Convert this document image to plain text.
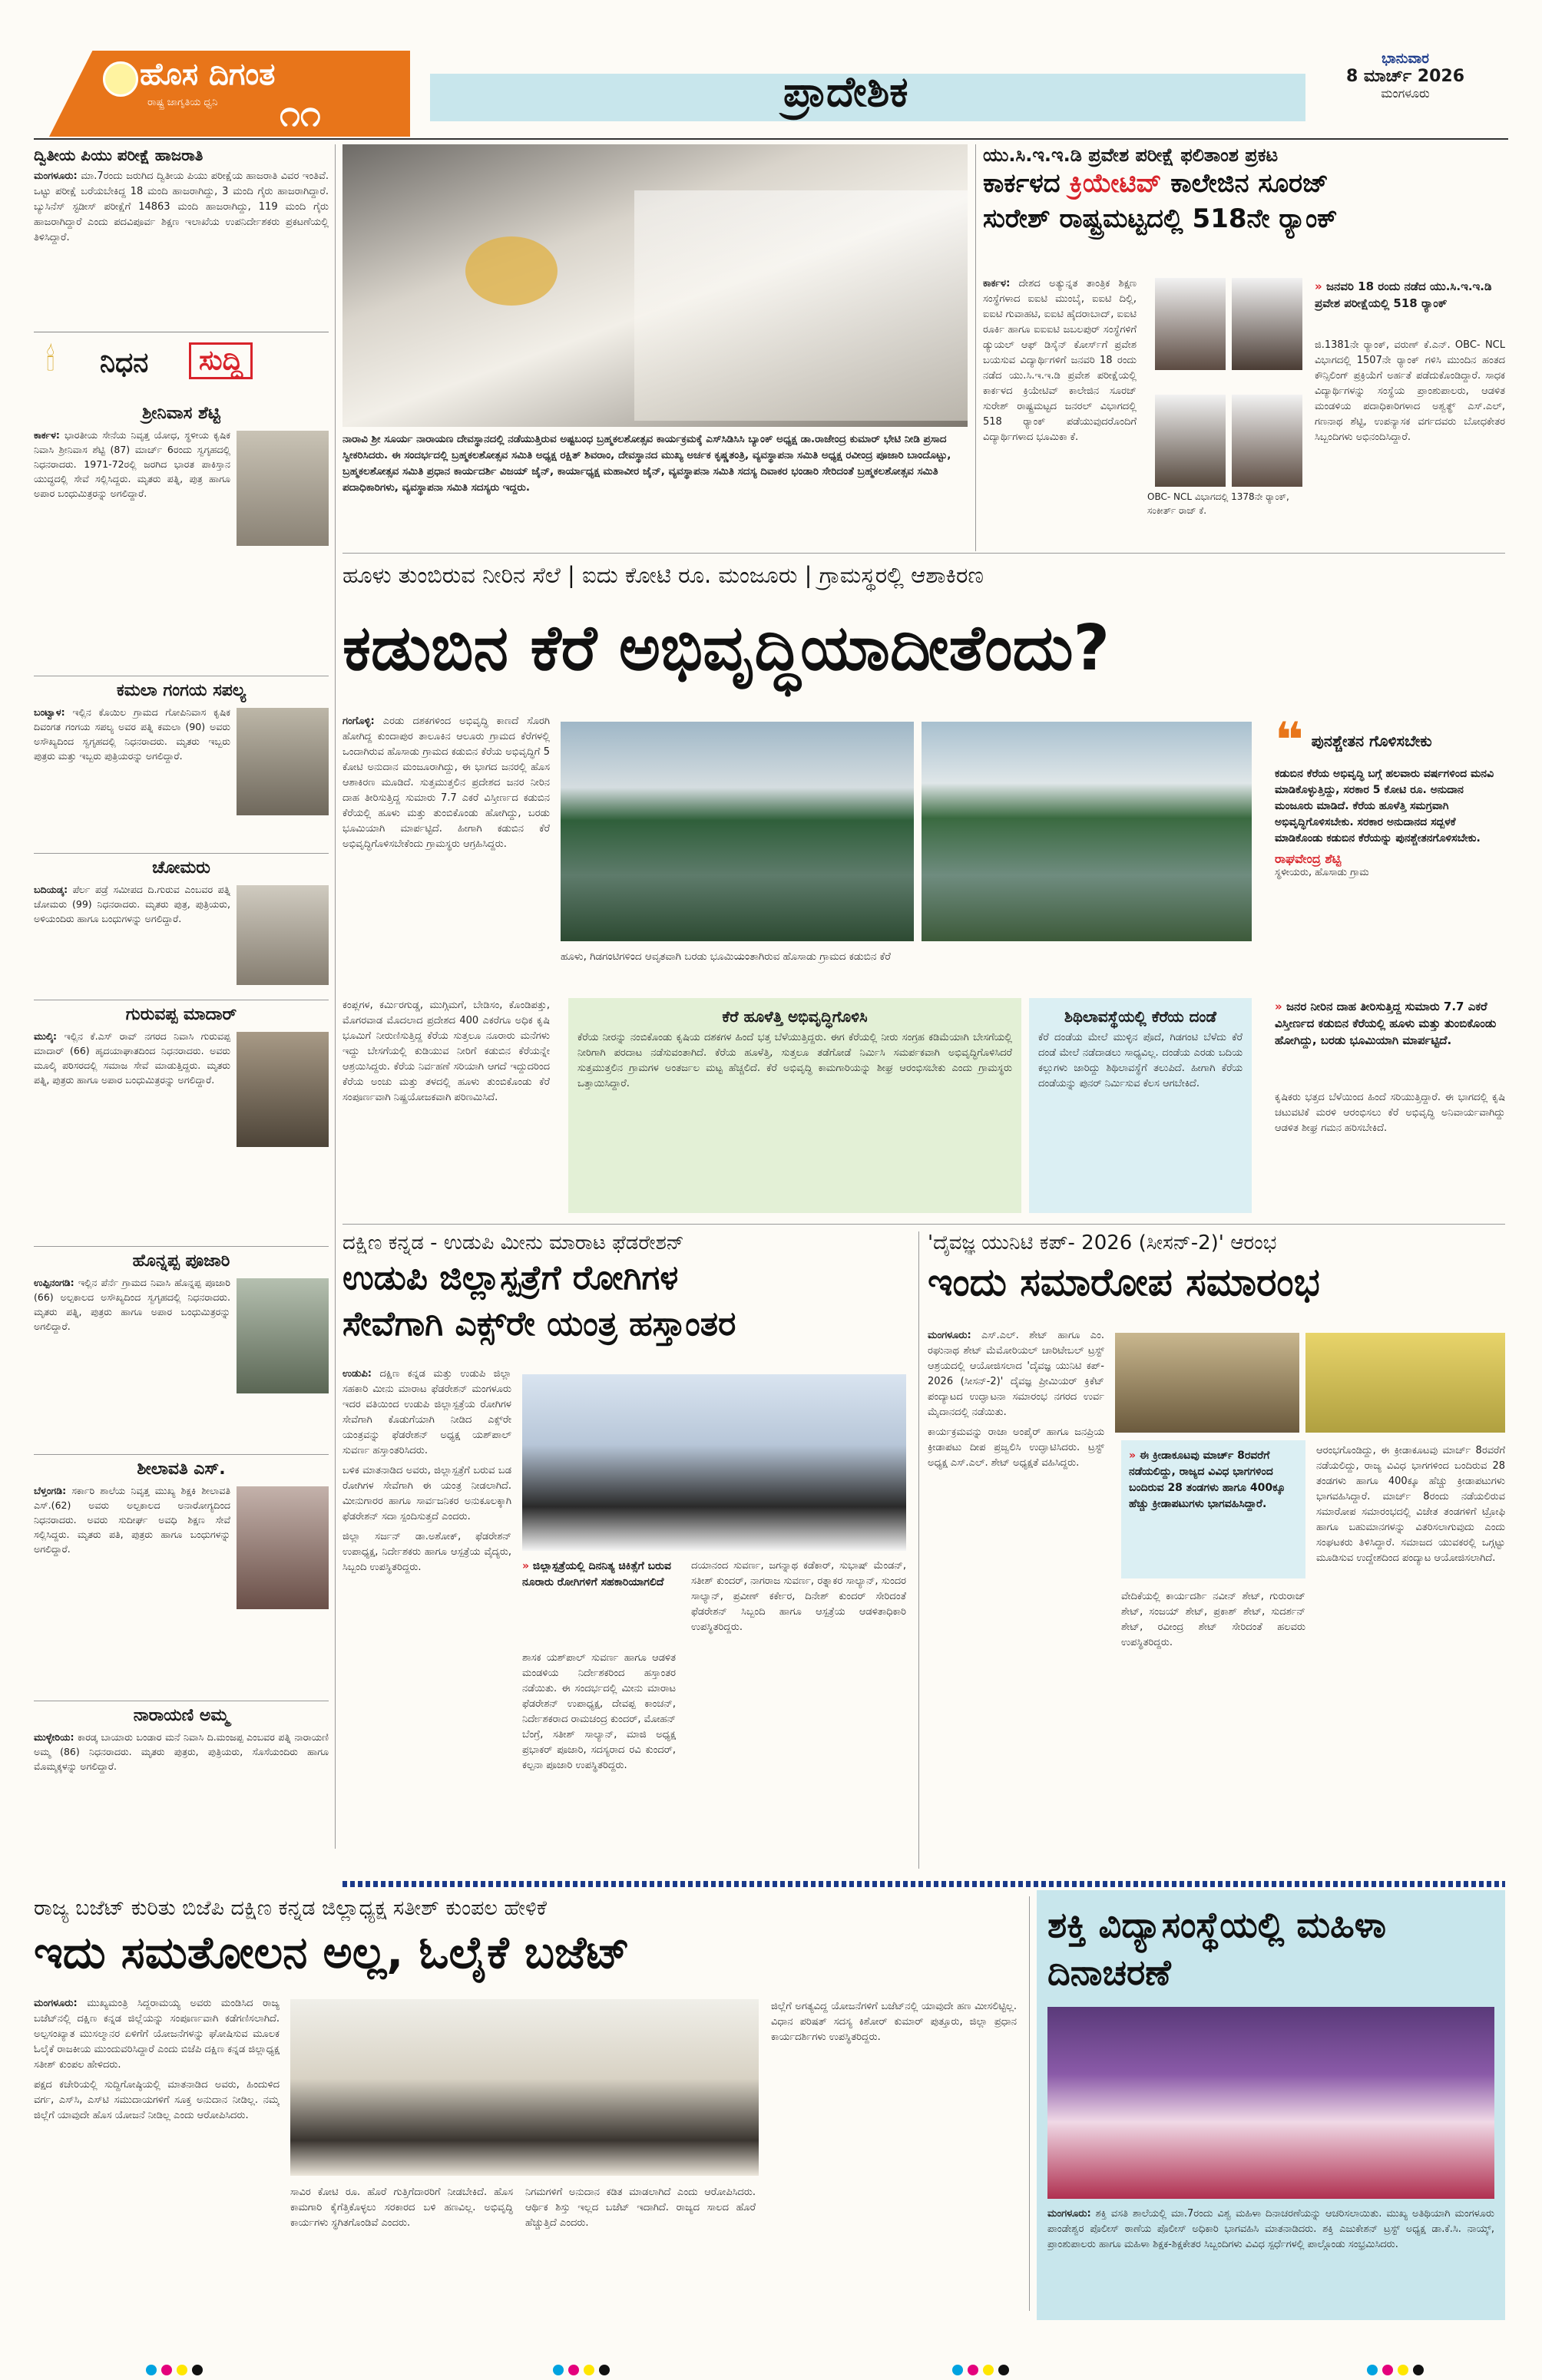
ಹೊಸ ದಿಗಂತ
ರಾಷ್ಟ್ರ ಜಾಗೃತಿಯ ಧ್ವನಿ ೧೧	ಪ್ರಾದೇಶಿಕ
ಭಾನುವಾರ
8 ಮಾರ್ಚ್ 2026
ಮಂಗಳೂರು
ದ್ವಿತೀಯ ಪಿಯು ಪರೀಕ್ಷೆ ಹಾಜರಾತಿ
ಮಂಗಳೂರು: ಮಾ.7ರಂದು ಜರುಗಿದ ದ್ವಿತೀಯ ಪಿಯು ಪರೀಕ್ಷೆಯ ಹಾಜರಾತಿ ವಿವರ ಇಂತಿವೆ. ಒಟ್ಟು ಪರೀಕ್ಷೆ ಬರೆಯಬೇಕಿದ್ದ 18 ಮಂದಿ ಹಾಜರಾಗಿದ್ದು, 3 ಮಂದಿ ಗೈರು ಹಾಜರಾಗಿದ್ದಾರೆ. ಬ್ಯುಸಿನೆಸ್ ಸ್ಟಡೀಸ್ ಪರೀಕ್ಷೆಗೆ 14863 ಮಂದಿ ಹಾಜರಾಗಿದ್ದು, 119 ಮಂದಿ ಗೈರು ಹಾಜರಾಗಿದ್ದಾರೆ ಎಂದು ಪದವಿಪೂರ್ವ ಶಿಕ್ಷಣ ಇಲಾಖೆಯ ಉಪನಿರ್ದೇಶಕರು ಪ್ರಕಟಣೆಯಲ್ಲಿ ತಿಳಿಸಿದ್ದಾರೆ.
🕯 ನಿಧನ	ಸುದ್ದಿ
ಶ್ರೀನಿವಾಸ ಶೆಟ್ಟಿ
ಕಾರ್ಕಳ: ಭಾರತೀಯ ಸೇನೆಯ ನಿವೃತ್ತ ಯೋಧ, ಸ್ಥಳೀಯ ಕೃಷಿಕ ನಿವಾಸಿ ಶ್ರೀನಿವಾಸ ಶೆಟ್ಟಿ (87) ಮಾರ್ಚ್ 6ರಂದು ಸ್ವಗೃಹದಲ್ಲಿ ನಿಧನರಾದರು. 1971-72ರಲ್ಲಿ ಜರಗಿದ ಭಾರತ ಪಾಕಿಸ್ತಾನ ಯುದ್ಧದಲ್ಲಿ ಸೇವೆ ಸಲ್ಲಿಸಿದ್ದರು. ಮೃತರು ಪತ್ನಿ, ಪುತ್ರ ಹಾಗೂ ಅಪಾರ ಬಂಧುಮಿತ್ರರನ್ನು ಅಗಲಿದ್ದಾರೆ.
ಕಮಲಾ ಗಂಗಯ ಸಪಲ್ಯ
ಬಂಟ್ವಾಳ: ಇಲ್ಲಿನ ಕೊಯಿಲ ಗ್ರಾಮದ ಗೋಪಿನಿವಾಸ ಕೃಷಿಕ ದಿವಂಗತ ಗಂಗಯ ಸಪಲ್ಯ ಅವರ ಪತ್ನಿ ಕಮಲಾ (90) ಅವರು ಅಸೌಖ್ಯದಿಂದ ಸ್ವಗೃಹದಲ್ಲಿ ನಿಧನರಾದರು. ಮೃತರು ಇಬ್ಬರು ಪುತ್ರರು ಮತ್ತು ಇಬ್ಬರು ಪುತ್ರಿಯರನ್ನು ಅಗಲಿದ್ದಾರೆ.
ಚೋಮರು
ಬದಿಯಡ್ಕ: ಪೆರ್ಲ ಪಡ್ರೆ ಸಮೀಪದ ದಿ.ಗುರುವ ಎಂಬವರ ಪತ್ನಿ ಚೋಮರು (99) ನಿಧನರಾದರು. ಮೃತರು ಪುತ್ರ, ಪುತ್ರಿಯರು, ಅಳಿಯಂದಿರು ಹಾಗೂ ಬಂಧುಗಳನ್ನು ಅಗಲಿದ್ದಾರೆ.
ಗುರುವಪ್ಪ ಮಾದಾರ್
ಮುಲ್ಕಿ: ಇಲ್ಲಿನ ಕೆ.ಎಸ್ ರಾವ್ ನಗರದ ನಿವಾಸಿ ಗುರುವಪ್ಪ ಮಾದಾರ್ (66) ಹೃದಯಾಘಾತದಿಂದ ನಿಧನರಾದರು. ಅವರು ಮೂಲ್ಕಿ ಪರಿಸರದಲ್ಲಿ ಸಮಾಜ ಸೇವೆ ಮಾಡುತ್ತಿದ್ದರು. ಮೃತರು ಪತ್ನಿ, ಪುತ್ರರು ಹಾಗೂ ಅಪಾರ ಬಂಧುಮಿತ್ರರನ್ನು ಅಗಲಿದ್ದಾರೆ.
ಹೊನ್ನಪ್ಪ ಪೂಜಾರಿ
ಉಪ್ಪಿನಂಗಡಿ: ಇಲ್ಲಿನ ಪೆರ್ನೆ ಗ್ರಾಮದ ನಿವಾಸಿ ಹೊನ್ನಪ್ಪ ಪೂಜಾರಿ (66) ಅಲ್ಪಕಾಲದ ಅಸೌಖ್ಯದಿಂದ ಸ್ವಗೃಹದಲ್ಲಿ ನಿಧನರಾದರು. ಮೃತರು ಪತ್ನಿ, ಪುತ್ರರು ಹಾಗೂ ಅಪಾರ ಬಂಧುಮಿತ್ರರನ್ನು ಅಗಲಿದ್ದಾರೆ.
ಶೀಲಾವತಿ ಎಸ್.
ಬೆಳ್ತಂಗಡಿ: ಸರ್ಕಾರಿ ಶಾಲೆಯ ನಿವೃತ್ತ ಮುಖ್ಯ ಶಿಕ್ಷಕಿ ಶೀಲಾವತಿ ಎಸ್.(62) ಅವರು ಅಲ್ಪಕಾಲದ ಅನಾರೋಗ್ಯದಿಂದ ನಿಧನರಾದರು. ಅವರು ಸುದೀರ್ಘ ಅವಧಿ ಶಿಕ್ಷಣ ಸೇವೆ ಸಲ್ಲಿಸಿದ್ದರು. ಮೃತರು ಪತಿ, ಪುತ್ರರು ಹಾಗೂ ಬಂಧುಗಳನ್ನು ಅಗಲಿದ್ದಾರೆ.
ನಾರಾಯಣಿ ಅಮ್ಮ
ಮುಳ್ಳೇರಿಯ: ಕಾರಡ್ಕ ಬಾಯಾರು ಬಂಡಾರ ಮನೆ ನಿವಾಸಿ ದಿ.ಮಂಜಪ್ಪ ಎಂಬವರ ಪತ್ನಿ ನಾರಾಯಣಿ ಅಮ್ಮ (86) ನಿಧನರಾದರು. ಮೃತರು ಪುತ್ರರು, ಪುತ್ರಿಯರು, ಸೊಸೆಯಂದಿರು ಹಾಗೂ ಮೊಮ್ಮಕ್ಕಳನ್ನು ಅಗಲಿದ್ದಾರೆ.
ನಾರಾವಿ ಶ್ರೀ ಸೂರ್ಯ ನಾರಾಯಣ ದೇವಸ್ಥಾನದಲ್ಲಿ ನಡೆಯುತ್ತಿರುವ ಅಷ್ಟಬಂಧ ಬ್ರಹ್ಮಕಲಶೋತ್ಸವ ಕಾರ್ಯಕ್ರಮಕ್ಕೆ ಎಸ್‌ಸಿಡಿಸಿಸಿ ಬ್ಯಾಂಕ್ ಅಧ್ಯಕ್ಷ ಡಾ.ರಾಜೇಂದ್ರ ಕುಮಾರ್ ಭೇಟಿ ನೀಡಿ ಪ್ರಸಾದ ಸ್ವೀಕರಿಸಿದರು. ಈ ಸಂದರ್ಭದಲ್ಲಿ ಬ್ರಹ್ಮಕಲಶೋತ್ಸವ ಸಮಿತಿ ಅಧ್ಯಕ್ಷ ರಕ್ಷಿತ್ ಶಿವರಾಂ, ದೇವಸ್ಥಾನದ ಮುಖ್ಯ ಅರ್ಚಕ ಕೃಷ್ಣತಂತ್ರಿ, ವ್ಯವಸ್ಥಾಪನಾ ಸಮಿತಿ ಅಧ್ಯಕ್ಷ ರವೀಂದ್ರ ಪೂಜಾರಿ ಬಾಂದೊಟ್ಟು, ಬ್ರಹ್ಮಕಲಶೋತ್ಸವ ಸಮಿತಿ ಪ್ರಧಾನ ಕಾರ್ಯದರ್ಶಿ ವಿಜಯ್ ಜೈನ್, ಕಾರ್ಯಾಧ್ಯಕ್ಷ ಮಹಾವೀರ ಜೈನ್, ವ್ಯವಸ್ಥಾಪನಾ ಸಮಿತಿ ಸದಸ್ಯ ದಿವಾಕರ ಭಂಡಾರಿ ಸೇರಿದಂತೆ ಬ್ರಹ್ಮಕಲಶೋತ್ಸವ ಸಮಿತಿ ಪದಾಧಿಕಾರಿಗಳು, ವ್ಯವಸ್ಥಾಪನಾ ಸಮಿತಿ ಸದಸ್ಯರು ಇದ್ದರು.
ಯು.ಸಿ.ಇ.ಇ.ಡಿ ಪ್ರವೇಶ ಪರೀಕ್ಷೆ ಫಲಿತಾಂಶ ಪ್ರಕಟ
ಕಾರ್ಕಳದ ಕ್ರಿಯೇಟಿವ್ ಕಾಲೇಜಿನ ಸೂರಜ್
ಸುರೇಶ್ ರಾಷ್ಟ್ರಮಟ್ಟದಲ್ಲಿ 518ನೇ ರ‍್ಯಾಂಕ್
ಕಾರ್ಕಳ: ದೇಶದ ಅತ್ಯುನ್ನತ ತಾಂತ್ರಿಕ ಶಿಕ್ಷಣ ಸಂಸ್ಥೆಗಳಾದ ಐಐಟಿ ಮುಂಬೈ, ಐಐಟಿ ದಿಲ್ಲಿ, ಐಐಟಿ ಗುವಾಹಟಿ, ಐಐಟಿ ಹೈದರಾಬಾದ್, ಐಐಟಿ ರೂರ್ಕಿ ಹಾಗೂ ಐಐಐಟಿ ಜಬಲಪುರ್ ಸಂಸ್ಥೆಗಳಿಗೆ ಡ್ಯುಯಲ್ ಆಫ್ ಡಿಸೈನ್ ಕೋರ್ಸ್‌ಗೆ ಪ್ರವೇಶ ಬಯಸುವ ವಿದ್ಯಾರ್ಥಿಗಳಿಗೆ ಜನವರಿ 18 ರಂದು ನಡೆದ ಯು.ಸಿ.ಇ.ಇ.ಡಿ ಪ್ರವೇಶ ಪರೀಕ್ಷೆಯಲ್ಲಿ ಕಾರ್ಕಳದ ಕ್ರಿಯೇಟಿವ್ ಕಾಲೇಜಿನ ಸೂರಜ್ ಸುರೇಶ್ ರಾಷ್ಟ್ರಮಟ್ಟದ ಜನರಲ್ ವಿಭಾಗದಲ್ಲಿ 518 ರ‍್ಯಾಂಕ್ ಪಡೆಯುವುದರೊಂದಿಗೆ ವಿದ್ಯಾರ್ಥಿಗಳಾದ ಭೂಮಿಕಾ ಕೆ.
OBC- NCL ವಿಭಾಗದಲ್ಲಿ 1378ನೇ ರ‍್ಯಾಂಕ್, ಸಂಕೀರ್ತ್ ರಾಜ್ ಕೆ.
» ಜನವರಿ 18 ರಂದು ನಡೆದ ಯು.ಸಿ.ಇ.ಇ.ಡಿ ಪ್ರವೇಶ ಪರೀಕ್ಷೆಯಲ್ಲಿ 518 ರ‍್ಯಾಂಕ್
ಜಿ.1381ನೇ ರ‍್ಯಾಂಕ್, ವರುಣ್ ಕೆ.ಎನ್. OBC- NCL ವಿಭಾಗದಲ್ಲಿ 1507ನೇ ರ‍್ಯಾಂಕ್ ಗಳಿಸಿ ಮುಂದಿನ ಹಂತದ ಕೌನ್ಸಿಲಿಂಗ್ ಪ್ರಕ್ರಿಯೆಗೆ ಅರ್ಹತೆ ಪಡೆದುಕೊಂಡಿದ್ದಾರೆ. ಸಾಧಕ ವಿದ್ಯಾರ್ಥಿಗಳನ್ನು ಸಂಸ್ಥೆಯ ಪ್ರಾಂಶುಪಾಲರು, ಆಡಳಿತ ಮಂಡಳಿಯ ಪದಾಧಿಕಾರಿಗಳಾದ ಅಶ್ವತ್ಥ್ ಎಸ್.ಎಲ್, ಗಣನಾಥ ಶೆಟ್ಟಿ, ಉಪನ್ಯಾಸಕ ವರ್ಗದವರು ಬೋಧಕೇತರ ಸಿಬ್ಬಂದಿಗಳು ಅಭಿನಂದಿಸಿದ್ದಾರೆ.
ಹೂಳು ತುಂಬಿರುವ ನೀರಿನ ಸೆಲೆ | ಐದು ಕೋಟಿ ರೂ. ಮಂಜೂರು | ಗ್ರಾಮಸ್ಥರಲ್ಲಿ ಆಶಾಕಿರಣ
ಕಡುಬಿನ ಕೆರೆ ಅಭಿವೃದ್ಧಿಯಾದೀತೆಂದು?
ಗಂಗೊಳ್ಳಿ: ಎರಡು ದಶಕಗಳಿಂದ ಅಭಿವೃದ್ಧಿ ಕಾಣದೆ ಸೊರಗಿ ಹೋಗಿದ್ದ ಕುಂದಾಪುರ ತಾಲೂಕಿನ ಆಲೂರು ಗ್ರಾಮದ ಕೆರೆಗಳಲ್ಲಿ ಒಂದಾಗಿರುವ ಹೊಸಾಡು ಗ್ರಾಮದ ಕಡುಬಿನ ಕೆರೆಯ ಅಭಿವೃದ್ಧಿಗೆ 5 ಕೋಟಿ ಅನುದಾನ ಮಂಜೂರಾಗಿದ್ದು, ಈ ಭಾಗದ ಜನರಲ್ಲಿ ಹೊಸ ಆಶಾಕಿರಣ ಮೂಡಿದೆ. ಸುತ್ತಮುತ್ತಲಿನ ಪ್ರದೇಶದ ಜನರ ನೀರಿನ ದಾಹ ತೀರಿಸುತ್ತಿದ್ದ ಸುಮಾರು 7.7 ಎಕರೆ ವಿಸ್ತೀರ್ಣದ ಕಡುಬಿನ ಕೆರೆಯಲ್ಲಿ ಹೂಳು ಮತ್ತು ತುಂಬಿಕೊಂಡು ಹೋಗಿದ್ದು, ಬರಡು ಭೂಮಿಯಾಗಿ ಮಾರ್ಪಟ್ಟಿದೆ. ಹೀಗಾಗಿ ಕಡುಬಿನ ಕೆರೆ ಅಭಿವೃದ್ಧಿಗೊಳಿಸಬೇಕೆಂದು ಗ್ರಾಮಸ್ಥರು ಆಗ್ರಹಿಸಿದ್ದರು.
ಕಂಪ್ಲಗಳ, ಕರ್ಮಿರಗುಡ್ಡ, ಮುಗ್ಗಿಮಗೆ, ಬೇಡಿಸಂ, ಕೊಂಡಿಪತ್ತು, ಮೊಗರವಾಡ ಮೊದಲಾದ ಪ್ರದೇಶದ 400 ಎಕರೆಗೂ ಅಧಿಕ ಕೃಷಿ ಭೂಮಿಗೆ ನೀರುಣಿಸುತ್ತಿದ್ದ ಕೆರೆಯ ಸುತ್ತಲೂ ನೂರಾರು ಮನೆಗಳು ಇದ್ದು ಬೇಸಗೆಯಲ್ಲಿ ಕುಡಿಯುವ ನೀರಿಗೆ ಕಡುಬಿನ ಕೆರೆಯನ್ನೇ ಆಶ್ರಯಿಸಿದ್ದರು. ಕೆರೆಯ ನಿರ್ವಹಣೆ ಸರಿಯಾಗಿ ಆಗದೆ ಇದ್ದುದರಿಂದ ಕೆರೆಯ ಅಂಚು ಮತ್ತು ತಳದಲ್ಲಿ ಹೂಳು ತುಂಬಿಕೊಂಡು ಕೆರೆ ಸಂಪೂರ್ಣವಾಗಿ ನಿಷ್ಪ್ರಯೋಜಕವಾಗಿ ಪರಿಣಮಿಸಿದೆ.
ಹೂಳು, ಗಿಡಗಂಟಿಗಳಿಂದ ಆವೃತವಾಗಿ ಬರಡು ಭೂಮಿಯಂತಾಗಿರುವ ಹೊಸಾಡು ಗ್ರಾಮದ ಕಡುಬಿನ ಕೆರೆ
❝ ಪುನಶ್ಚೇತನ ಗೊಳಿಸಬೇಕು
ಕಡುಬಿನ ಕೆರೆಯ ಅಭಿವೃದ್ಧಿ ಬಗ್ಗೆ ಹಲವಾರು ವರ್ಷಗಳಿಂದ ಮನವಿ ಮಾಡಿಕೊಳ್ಳುತ್ತಿದ್ದು, ಸರಕಾರ 5 ಕೋಟಿ ರೂ. ಅನುದಾನ ಮಂಜೂರು ಮಾಡಿದೆ. ಕೆರೆಯ ಹೂಳೆತ್ತಿ ಸಮಗ್ರವಾಗಿ ಅಭಿವೃದ್ಧಿಗೊಳಿಸಬೇಕು. ಸರಕಾರ ಅನುದಾನದ ಸದ್ಬಳಕೆ ಮಾಡಿಕೊಂಡು ಕಡುಬಿನ ಕೆರೆಯನ್ನು ಪುನಶ್ಚೇತನಗೊಳಿಸಬೇಕು.
ರಾಘವೇಂದ್ರ ಶೆಟ್ಟಿ
ಸ್ಥಳೀಯರು, ಹೊಸಾಡು ಗ್ರಾಮ
ಕೆರೆ ಹೂಳೆತ್ತಿ ಅಭಿವೃದ್ಧಿಗೊಳಿಸಿ
ಕೆರೆಯ ನೀರನ್ನು ನಂಬಿಕೊಂಡು ಕೃಷಿಯ ದಶಕಗಳ ಹಿಂದೆ ಭತ್ತ ಬೆಳೆಯುತ್ತಿದ್ದರು. ಈಗ ಕೆರೆಯಲ್ಲಿ ನೀರು ಸಂಗ್ರಹ ಕಡಿಮೆಯಾಗಿ ಬೇಸಗೆಯಲ್ಲಿ ನೀರಿಗಾಗಿ ಪರದಾಟ ನಡೆಸುವಂತಾಗಿದೆ. ಕೆರೆಯ ಹೂಳೆತ್ತಿ, ಸುತ್ತಲೂ ತಡೆಗೋಡೆ ನಿರ್ಮಿಸಿ ಸಮರ್ಪಕವಾಗಿ ಅಭಿವೃದ್ಧಿಗೊಳಿಸಿದರೆ ಸುತ್ತಮುತ್ತಲಿನ ಗ್ರಾಮಗಳ ಅಂತರ್ಜಲ ಮಟ್ಟ ಹೆಚ್ಚಲಿದೆ. ಕೆರೆ ಅಭಿವೃದ್ಧಿ ಕಾಮಗಾರಿಯನ್ನು ಶೀಘ್ರ ಆರಂಭಿಸಬೇಕು ಎಂದು ಗ್ರಾಮಸ್ಥರು ಒತ್ತಾಯಿಸಿದ್ದಾರೆ.
ಶಿಥಿಲಾವಸ್ಥೆಯಲ್ಲಿ ಕೆರೆಯ ದಂಡೆ
ಕೆರೆ ದಂಡೆಯ ಮೇಲೆ ಮುಳ್ಳಿನ ಪೊದೆ, ಗಿಡಗಂಟಿ ಬೆಳೆದು ಕೆರೆ ದಂಡೆ ಮೇಲೆ ನಡೆದಾಡಲು ಸಾಧ್ಯವಿಲ್ಲ. ದಂಡೆಯ ಎರಡು ಬದಿಯ ಕಲ್ಲುಗಳು ಜಾರಿದ್ದು ಶಿಥಿಲಾವಸ್ಥೆಗೆ ತಲುಪಿದೆ. ಹೀಗಾಗಿ ಕೆರೆಯ ದಂಡೆಯನ್ನು ಪುನರ್ ನಿರ್ಮಿಸುವ ಕೆಲಸ ಆಗಬೇಕಿದೆ.
» ಜನರ ನೀರಿನ ದಾಹ ತೀರಿಸುತ್ತಿದ್ದ ಸುಮಾರು 7.7 ಎಕರೆ ವಿಸ್ತೀರ್ಣದ ಕಡುಬಿನ ಕೆರೆಯಲ್ಲಿ ಹೂಳು ಮತ್ತು ತುಂಬಿಕೊಂಡು ಹೋಗಿದ್ದು, ಬರಡು ಭೂಮಿಯಾಗಿ ಮಾರ್ಪಟ್ಟಿದೆ.
ಕೃಷಿಕರು ಭತ್ತದ ಬೆಳೆಯಿಂದ ಹಿಂದೆ ಸರಿಯುತ್ತಿದ್ದಾರೆ. ಈ ಭಾಗದಲ್ಲಿ ಕೃಷಿ ಚಟುವಟಿಕೆ ಮರಳಿ ಆರಂಭಿಸಲು ಕೆರೆ ಅಭಿವೃದ್ಧಿ ಅನಿವಾರ್ಯವಾಗಿದ್ದು ಆಡಳಿತ ಶೀಘ್ರ ಗಮನ ಹರಿಸಬೇಕಿದೆ.
ದಕ್ಷಿಣ ಕನ್ನಡ - ಉಡುಪಿ ಮೀನು ಮಾರಾಟ ಫೆಡರೇಶನ್
ಉಡುಪಿ ಜಿಲ್ಲಾಸ್ಪತ್ರೆಗೆ ರೋಗಿಗಳ
ಸೇವೆಗಾಗಿ ಎಕ್ಸ್‌ರೇ ಯಂತ್ರ ಹಸ್ತಾಂತರ

ಉಡುಪಿ: ದಕ್ಷಿಣ ಕನ್ನಡ ಮತ್ತು ಉಡುಪಿ ಜಿಲ್ಲಾ ಸಹಕಾರಿ ಮೀನು ಮಾರಾಟ ಫೆಡರೇಶನ್ ಮಂಗಳೂರು ಇದರ ವತಿಯಿಂದ ಉಡುಪಿ ಜಿಲ್ಲಾಸ್ಪತ್ರೆಯ ರೋಗಿಗಳ ಸೇವೆಗಾಗಿ ಕೊಡುಗೆಯಾಗಿ ನೀಡಿದ ಎಕ್ಸ್‌ರೇ ಯಂತ್ರವನ್ನು ಫೆಡರೇಶನ್ ಅಧ್ಯಕ್ಷ ಯಶ್‌ಪಾಲ್ ಸುವರ್ಣ ಹಸ್ತಾಂತರಿಸಿದರು.

ಬಳಿಕ ಮಾತನಾಡಿದ ಅವರು, ಜಿಲ್ಲಾಸ್ಪತ್ರೆಗೆ ಬರುವ ಬಡ ರೋಗಿಗಳ ಸೇವೆಗಾಗಿ ಈ ಯಂತ್ರ ನೀಡಲಾಗಿದೆ. ಮೀನುಗಾರರ ಹಾಗೂ ಸಾರ್ವಜನಿಕರ ಅನುಕೂಲಕ್ಕಾಗಿ ಫೆಡರೇಶನ್ ಸದಾ ಸ್ಪಂದಿಸುತ್ತದೆ ಎಂದರು.

ಜಿಲ್ಲಾ ಸರ್ಜನ್ ಡಾ.ಅಶೋಕ್, ಫೆಡರೇಶನ್ ಉಪಾಧ್ಯಕ್ಷ, ನಿರ್ದೇಶಕರು ಹಾಗೂ ಆಸ್ಪತ್ರೆಯ ವೈದ್ಯರು, ಸಿಬ್ಬಂದಿ ಉಪಸ್ಥಿತರಿದ್ದರು.	» ಜಿಲ್ಲಾಸ್ಪತ್ರೆಯಲ್ಲಿ ದಿನನಿತ್ಯ ಚಿಕಿತ್ಸೆಗೆ ಬರುವ ನೂರಾರು ರೋಗಿಗಳಿಗೆ ಸಹಕಾರಿಯಾಗಲಿದೆ
ಶಾಸಕ ಯಶ್‌ಪಾಲ್ ಸುವರ್ಣ ಹಾಗೂ ಆಡಳಿತ ಮಂಡಳಿಯ ನಿರ್ದೇಶಕರಿಂದ ಹಸ್ತಾಂತರ ನಡೆಯಿತು. ಈ ಸಂದರ್ಭದಲ್ಲಿ ಮೀನು ಮಾರಾಟ ಫೆಡರೇಶನ್ ಉಪಾಧ್ಯಕ್ಷ, ದೇವಪ್ಪ ಕಾಂಚನ್, ನಿರ್ದೇಶಕರಾದ ರಾಮಚಂದ್ರ ಕುಂದರ್, ಮೋಹನ್ ಬೆಂಗ್ರೆ, ಸತೀಶ್ ಸಾಲ್ಯಾನ್, ಮಾಜಿ ಅಧ್ಯಕ್ಷ ಪ್ರಭಾಕರ್ ಪೂಜಾರಿ, ಸದಸ್ಯರಾದ ರವಿ ಕುಂದರ್, ಕಲ್ಪನಾ ಪೂಜಾರಿ ಉಪಸ್ಥಿತರಿದ್ದರು.
ದಯಾನಂದ ಸುವರ್ಣ, ಜಗನ್ನಾಥ ಕಡೆಕಾರ್, ಸುಭಾಷ್ ಮೆಂಡನ್, ಸತೀಶ್ ಕುಂದರ್, ನಾಗರಾಜ ಸುವರ್ಣ, ರತ್ನಾಕರ ಸಾಲ್ಯಾನ್, ಸುಂದರ ಸಾಲ್ಯಾನ್, ಪ್ರವೀಣ್ ಕರ್ಕೇರ, ದಿನೇಶ್ ಕುಂದರ್ ಸೇರಿದಂತೆ ಫೆಡರೇಶನ್ ಸಿಬ್ಬಂದಿ ಹಾಗೂ ಆಸ್ಪತ್ರೆಯ ಆಡಳಿತಾಧಿಕಾರಿ ಉಪಸ್ಥಿತರಿದ್ದರು.
'ದೈವಜ್ಞ ಯುನಿಟಿ ಕಪ್- 2026 (ಸೀಸನ್-2)' ಆರಂಭ
ಇಂದು ಸಮಾರೋಪ ಸಮಾರಂಭ

ಮಂಗಳೂರು: ಎಸ್.ಎಲ್. ಶೇಟ್ ಹಾಗೂ ಎಂ. ರಘುನಾಥ ಶೇಟ್ ಮೆಮೋರಿಯಲ್ ಚಾರಿಟೇಬಲ್ ಟ್ರಸ್ಟ್ ಆಶ್ರಯದಲ್ಲಿ ಆಯೋಜಿಸಲಾದ 'ದೈವಜ್ಞ ಯುನಿಟಿ ಕಪ್- 2026 (ಸೀಸನ್-2)' ದೈವಜ್ಞ ಪ್ರೀಮಿಯರ್ ಕ್ರಿಕೆಟ್ ಪಂದ್ಯಾಟದ ಉದ್ಘಾಟನಾ ಸಮಾರಂಭ ನಗರದ ಉರ್ವ ಮೈದಾನದಲ್ಲಿ ನಡೆಯಿತು.

ಕಾರ್ಯಕ್ರಮವನ್ನು ರಾಜಾ ಅಂಪೈರ್ ಹಾಗೂ ಜನಪ್ರಿಯ ಕ್ರೀಡಾಪಟು ದೀಪ ಪ್ರಜ್ವಲಿಸಿ ಉದ್ಘಾಟಿಸಿದರು. ಟ್ರಸ್ಟ್ ಅಧ್ಯಕ್ಷ ಎಸ್.ಎಲ್. ಶೇಟ್ ಅಧ್ಯಕ್ಷತೆ ವಹಿಸಿದ್ದರು.

» ಈ ಕ್ರೀಡಾಕೂಟವು ಮಾರ್ಚ್ 8ರವರೆಗೆ ನಡೆಯಲಿದ್ದು, ರಾಜ್ಯದ ವಿವಿಧ ಭಾಗಗಳಿಂದ ಬಂದಿರುವ 28 ತಂಡಗಳು ಹಾಗೂ 400ಕ್ಕೂ ಹೆಚ್ಚು ಕ್ರೀಡಾಪಟುಗಳು ಭಾಗವಹಿಸಿದ್ದಾರೆ.
ವೇದಿಕೆಯಲ್ಲಿ ಕಾರ್ಯದರ್ಶಿ ನವೀನ್ ಶೇಟ್, ಗುರುರಾಜ್ ಶೇಟ್, ಸಂಜಯ್ ಶೇಟ್, ಪ್ರಕಾಶ್ ಶೇಟ್, ಸುದರ್ಶನ್ ಶೇಟ್, ರವೀಂದ್ರ ಶೇಟ್ ಸೇರಿದಂತೆ ಹಲವರು ಉಪಸ್ಥಿತರಿದ್ದರು.
ಆರಂಭಗೊಂಡಿದ್ದು, ಈ ಕ್ರೀಡಾಕೂಟವು ಮಾರ್ಚ್ 8ರವರೆಗೆ ನಡೆಯಲಿದ್ದು, ರಾಜ್ಯ ವಿವಿಧ ಭಾಗಗಳಿಂದ ಬಂದಿರುವ 28 ತಂಡಗಳು ಹಾಗೂ 400ಕ್ಕೂ ಹೆಚ್ಚು ಕ್ರೀಡಾಪಟುಗಳು ಭಾಗವಹಿಸಿದ್ದಾರೆ. ಮಾರ್ಚ್ 8ರಂದು ನಡೆಯಲಿರುವ ಸಮಾರೋಪ ಸಮಾರಂಭದಲ್ಲಿ ವಿಜೇತ ತಂಡಗಳಿಗೆ ಟ್ರೋಫಿ ಹಾಗೂ ಬಹುಮಾನಗಳನ್ನು ವಿತರಿಸಲಾಗುವುದು ಎಂದು ಸಂಘಟಕರು ತಿಳಿಸಿದ್ದಾರೆ. ಸಮಾಜದ ಯುವಕರಲ್ಲಿ ಒಗ್ಗಟ್ಟು ಮೂಡಿಸುವ ಉದ್ದೇಶದಿಂದ ಪಂದ್ಯಾಟ ಆಯೋಜಿಸಲಾಗಿದೆ.
ರಾಜ್ಯ ಬಜೆಟ್ ಕುರಿತು ಬಿಜೆಪಿ ದಕ್ಷಿಣ ಕನ್ನಡ ಜಿಲ್ಲಾಧ್ಯಕ್ಷ ಸತೀಶ್ ಕುಂಪಲ ಹೇಳಿಕೆ
ಇದು ಸಮತೋಲನ ಅಲ್ಲ, ಓಲೈಕೆ ಬಜೆಟ್

ಮಂಗಳೂರು: ಮುಖ್ಯಮಂತ್ರಿ ಸಿದ್ದರಾಮಯ್ಯ ಅವರು ಮಂಡಿಸಿದ ರಾಜ್ಯ ಬಜೆಟ್‌ನಲ್ಲಿ ದಕ್ಷಿಣ ಕನ್ನಡ ಜಿಲ್ಲೆಯನ್ನು ಸಂಪೂರ್ಣವಾಗಿ ಕಡೆಗಣಿಸಲಾಗಿದೆ. ಅಲ್ಪಸಂಖ್ಯಾತ ಮುಸಲ್ಮಾನರ ಏಳಿಗೆಗೆ ಯೋಜನೆಗಳನ್ನು ಘೋಷಿಸುವ ಮೂಲಕ ಓಲೈಕೆ ರಾಜಕೀಯ ಮುಂದುವರಿಸಿದ್ದಾರೆ ಎಂದು ಬಿಜೆಪಿ ದಕ್ಷಿಣ ಕನ್ನಡ ಜಿಲ್ಲಾಧ್ಯಕ್ಷ ಸತೀಶ್ ಕುಂಪಲ ಹೇಳಿದರು.

ಪಕ್ಷದ ಕಚೇರಿಯಲ್ಲಿ ಸುದ್ದಿಗೋಷ್ಠಿಯಲ್ಲಿ ಮಾತನಾಡಿದ ಅವರು, ಹಿಂದುಳಿದ ವರ್ಗ, ಎಸ್‌ಸಿ, ಎಸ್‌ಟಿ ಸಮುದಾಯಗಳಿಗೆ ಸೂಕ್ತ ಅನುದಾನ ನೀಡಿಲ್ಲ. ನಮ್ಮ ಜಿಲ್ಲೆಗೆ ಯಾವುದೇ ಹೊಸ ಯೋಜನೆ ನೀಡಿಲ್ಲ ಎಂದು ಆರೋಪಿಸಿದರು.

ಸಾವಿರ ಕೋಟಿ ರೂ. ಹೊರೆ ಗುತ್ತಿಗೆದಾರರಿಗೆ ನೀಡಬೇಕಿದೆ. ಹೊಸ ಕಾಮಗಾರಿ ಕೈಗೆತ್ತಿಕೊಳ್ಳಲು ಸರಕಾರದ ಬಳಿ ಹಣವಿಲ್ಲ. ಅಭಿವೃದ್ಧಿ ಕಾರ್ಯಗಳು ಸ್ಥಗಿತಗೊಂಡಿವೆ ಎಂದರು.
ನಿಗಮಗಳಿಗೆ ಅನುದಾನ ಕಡಿತ ಮಾಡಲಾಗಿದೆ ಎಂದು ಆರೋಪಿಸಿದರು. ಆರ್ಥಿಕ ಶಿಸ್ತು ಇಲ್ಲದ ಬಜೆಟ್ ಇದಾಗಿದೆ. ರಾಜ್ಯದ ಸಾಲದ ಹೊರೆ ಹೆಚ್ಚುತ್ತಿದೆ ಎಂದರು.
ಜಿಲ್ಲೆಗೆ ಅಗತ್ಯವಿದ್ದ ಯೋಜನೆಗಳಿಗೆ ಬಜೆಟ್‌ನಲ್ಲಿ ಯಾವುದೇ ಹಣ ಮೀಸಲಿಟ್ಟಿಲ್ಲ. ವಿಧಾನ ಪರಿಷತ್ ಸದಸ್ಯ ಕಿಶೋರ್ ಕುಮಾರ್ ಪುತ್ತೂರು, ಜಿಲ್ಲಾ ಪ್ರಧಾನ ಕಾರ್ಯದರ್ಶಿಗಳು ಉಪಸ್ಥಿತರಿದ್ದರು.
ಶಕ್ತಿ ವಿದ್ಯಾಸಂಸ್ಥೆಯಲ್ಲಿ ಮಹಿಳಾ ದಿನಾಚರಣೆ
ಮಂಗಳೂರು: ಶಕ್ತಿ ವಸತಿ ಶಾಲೆಯಲ್ಲಿ ಮಾ.7ರಂದು ವಿಶ್ವ ಮಹಿಳಾ ದಿನಾಚರಣೆಯನ್ನು ಆಚರಿಸಲಾಯಿತು. ಮುಖ್ಯ ಅತಿಥಿಯಾಗಿ ಮಂಗಳೂರು ಪಾಂಡೇಶ್ವರ ಪೊಲೀಸ್ ಠಾಣೆಯ ಪೊಲೀಸ್ ಅಧಿಕಾರಿ ಭಾಗವಹಿಸಿ ಮಾತನಾಡಿದರು. ಶಕ್ತಿ ಎಜುಕೇಶನ್ ಟ್ರಸ್ಟ್ ಅಧ್ಯಕ್ಷ ಡಾ.ಕೆ.ಸಿ. ನಾಯ್ಕ್, ಪ್ರಾಂಶುಪಾಲರು ಹಾಗೂ ಮಹಿಳಾ ಶಿಕ್ಷಕ-ಶಿಕ್ಷಕೇತರ ಸಿಬ್ಬಂದಿಗಳು ವಿವಿಧ ಸ್ಪರ್ಧೆಗಳಲ್ಲಿ ಪಾಲ್ಗೊಂಡು ಸಂಭ್ರಮಿಸಿದರು.
